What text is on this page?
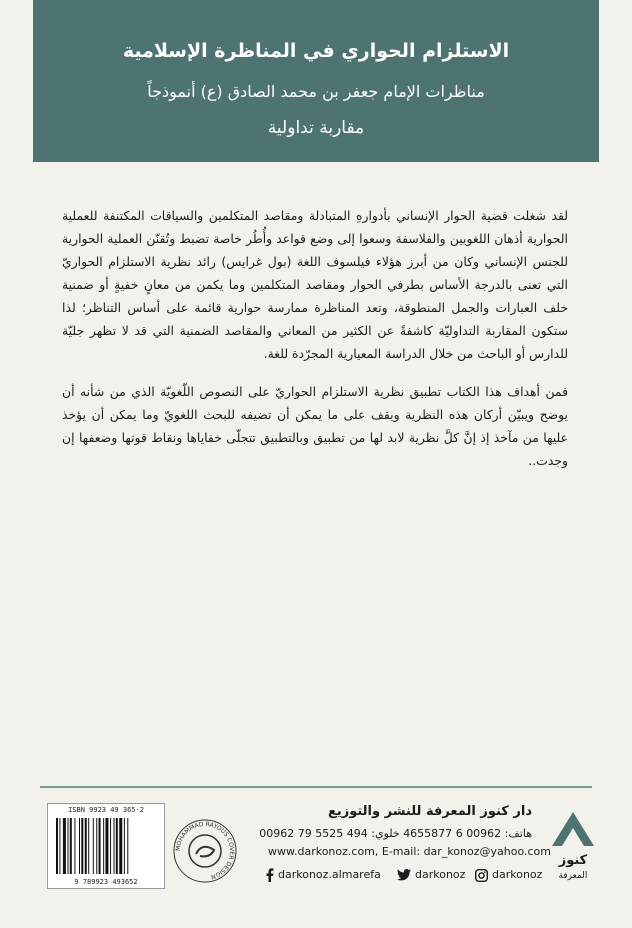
الاستلزام الحواري في المناظرة الإسلامية
مناظرات الإمام جعفر بن محمد الصادق (ع) أنموذجاً
مقاربة تداولية
لقد شغلت قضية الحوار الإنساني بأدوارهِ المتبادلة ومقاصد المتكلمين والسياقات المكتنفة للعملية الحوارية أذهان اللغويين والفلاسفة وسعوا إلى وضع قواعد وأُطُر خاصة تضبط وتُقنّن العملية الحوارية للجنس الإنساني وكان من أبرز هؤلاء فيلسوف اللغة (بول غرايس) رائد نظرية الاستلزام الحواريّ التي تعنى بالدرجة الأساس بطرفي الحوار ومقاصد المتكلمين وما يكمن من معانٍ خفيةٍ أو ضمنية خلف العبارات والجمل المنطوقة، وتعد المناظرة ممارسة حوارية قائمة على أساس التناظر؛ لذا ستكون المقاربة التداوليّة كاشفةً عن الكثير من المعاني والمقاصد الضمنية التي قد لا تظهر جليّة للدارس أو الباحث من خلال الدراسة المعيارية المجرّدة للغة.
فمن أهداف هذا الكتاب تطبيق نظرية الاستلزام الحواريّ على النصوص اللّغويّة الذي من شأنه أن يوضح ويبيّن أركان هذه النظرية ويقف على ما يمكن أن تضيفه للبحث اللغويّ وما يمكن أن يؤخذ عليها من مآخذ إذ إنَّ كلَّ نظرية لابد لها من تطبيق وبالتطبيق تتجلّى خفاياها ونقاط قوتها وضعفها إن وجدت..
ISBN 9923 49 365-2
9 789923 493652
MOHAMMAD RAYOUS COVER DESIGN
دار كنوز المعرفة للنشر والتوزيع
هاتف: 00962 6 4655877 خلوي: 494 5525 79 00962
www.darkonoz.com, E-mail: dar_konoz@yahoo.com
darkonoz.almarefa	darkonoz	darkonoz
كنوز
المعرفة
